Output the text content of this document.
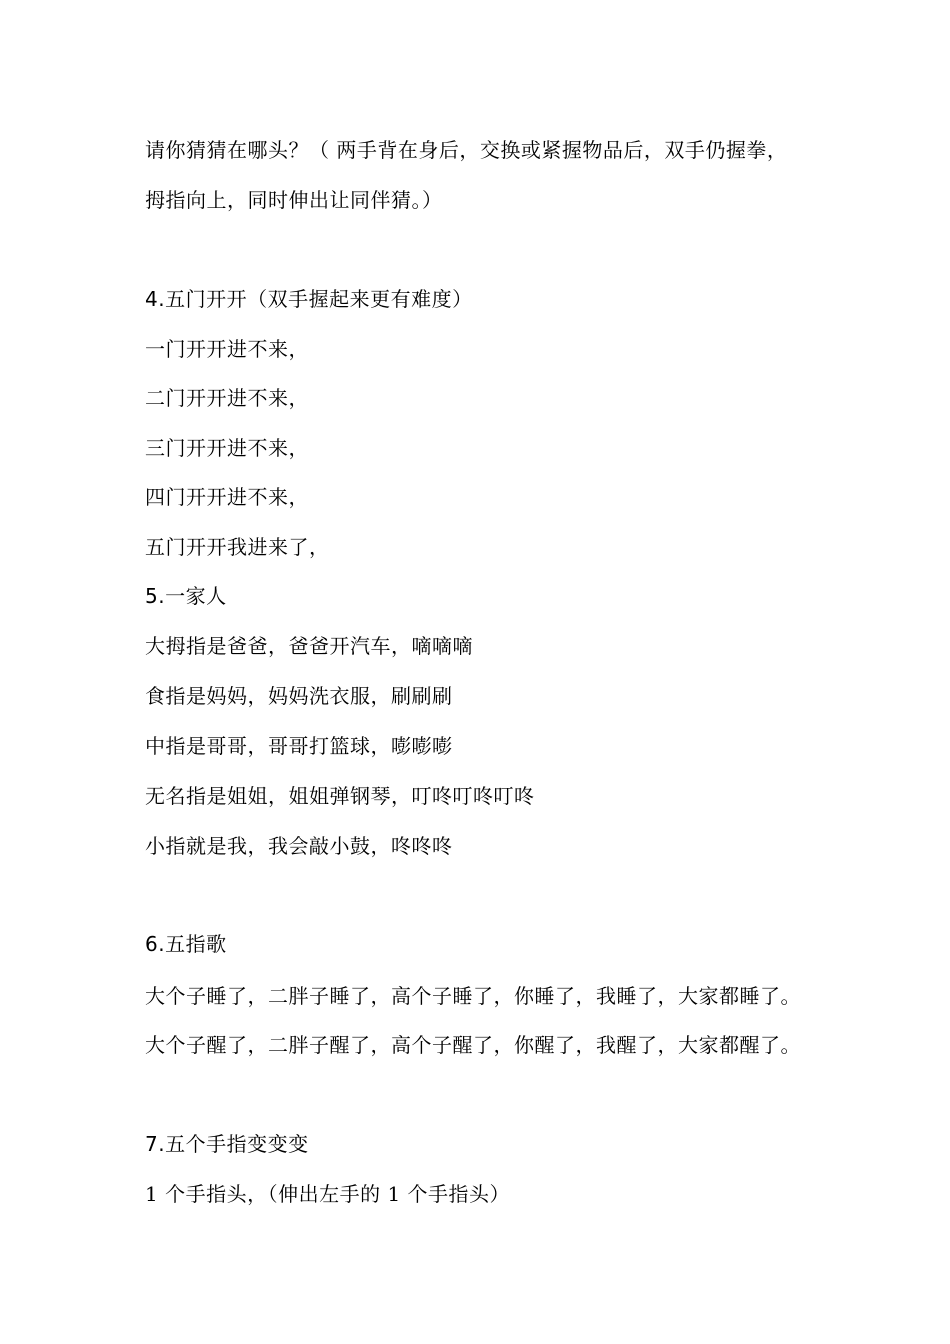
请你猜猜在哪头？（ 两手背在身后，交换或紧握物品后，双手仍握拳，
拇指向上，同时伸出让同伴猜。）
4.五门开开（双手握起来更有难度）
一门开开进不来，
二门开开进不来，
三门开开进不来，
四门开开进不来，
五门开开我进来了，
5.一家人
大拇指是爸爸，爸爸开汽车，嘀嘀嘀
食指是妈妈，妈妈洗衣服，刷刷刷
中指是哥哥，哥哥打篮球，嘭嘭嘭
无名指是姐姐，姐姐弹钢琴，叮咚叮咚叮咚
小指就是我，我会敲小鼓，咚咚咚
6.五指歌
大个子睡了，二胖子睡了，高个子睡了，你睡了，我睡了，大家都睡了。
大个子醒了，二胖子醒了，高个子醒了，你醒了，我醒了，大家都醒了。
7.五个手指变变变
1 个手指头，（伸出左手的 1 个手指头）
